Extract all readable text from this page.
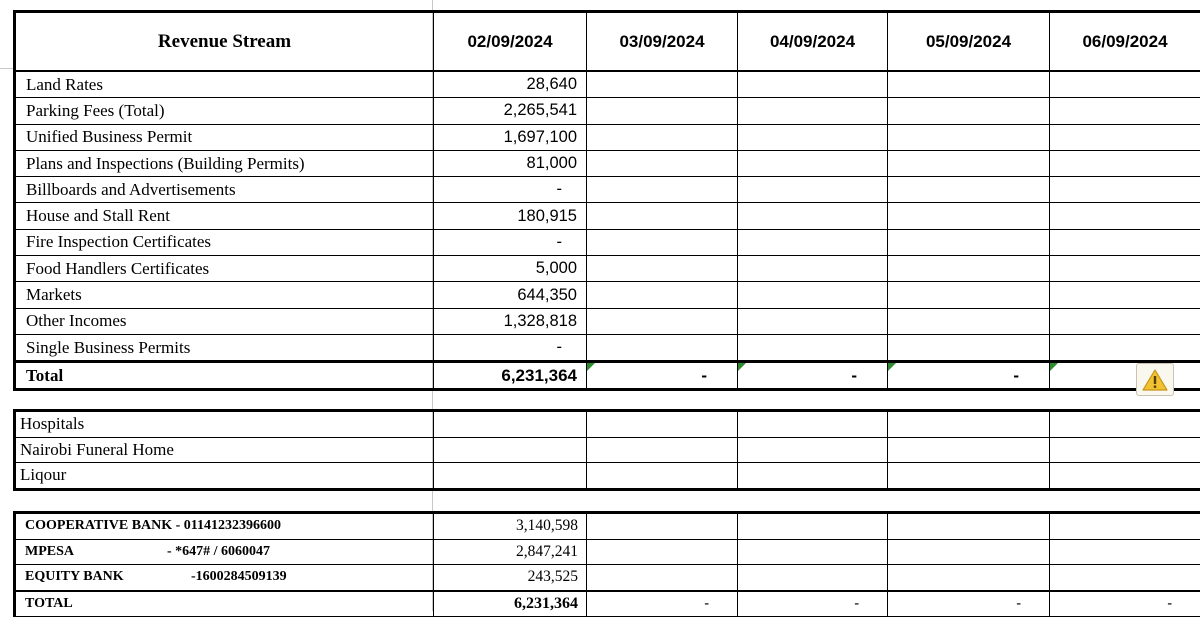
Revenue Stream	02/09/2024	03/09/2024	04/09/2024	05/09/2024	06/09/2024
Land Rates	28,640				
Parking Fees (Total)	2,265,541				
Unified Business Permit	1,697,100				
Plans and Inspections (Building Permits)	81,000				
Billboards and Advertisements	-				
House and Stall Rent	180,915				
Fire Inspection Certificates	-				
Food Handlers Certificates	5,000				
Markets	644,350				
Other Incomes	1,328,818				
Single Business Permits	-				
Total	6,231,364	-	-	-	
Hospitals					
Nairobi Funeral Home					
Liqour					
COOPERATIVE BANK - 01141232396600	3,140,598				
MPESA - *647# / 6060047	2,847,241				
EQUITY BANK -1600284509139	243,525				
TOTAL	6,231,364	-	-	-	-
